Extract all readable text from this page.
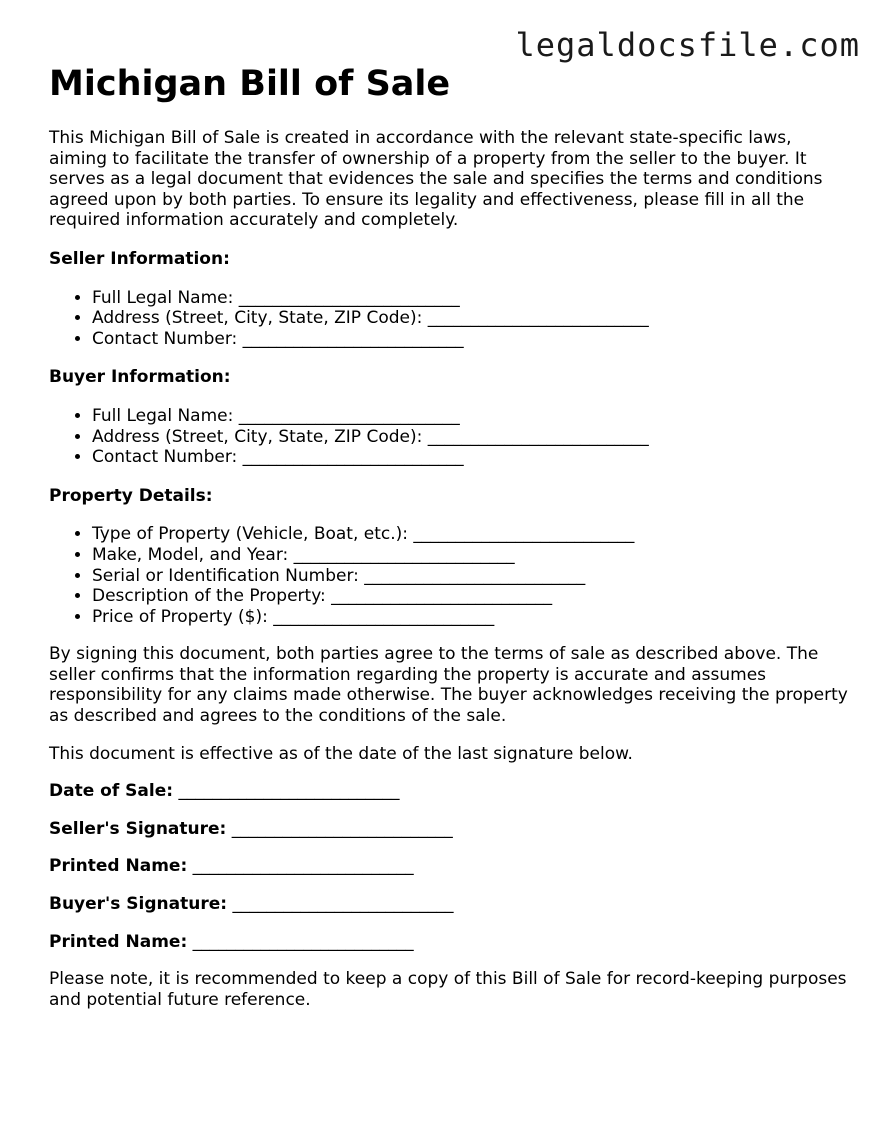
legaldocsfile.com
Michigan Bill of Sale

This Michigan Bill of Sale is created in accordance with the relevant state-specific laws, aiming to facilitate the transfer of ownership of a property from the seller to the buyer. It serves as a legal document that evidences the sale and specifies the terms and conditions agreed upon by both parties. To ensure its legality and effectiveness, please fill in all the required information accurately and completely.

Seller Information:
• Full Legal Name: __________________________
• Address (Street, City, State, ZIP Code): __________________________
• Contact Number: __________________________
Buyer Information:
• Full Legal Name: __________________________
• Address (Street, City, State, ZIP Code): __________________________
• Contact Number: __________________________
Property Details:
• Type of Property (Vehicle, Boat, etc.): __________________________
• Make, Model, and Year: __________________________
• Serial or Identification Number: __________________________
• Description of the Property: __________________________
• Price of Property ($): __________________________

By signing this document, both parties agree to the terms of sale as described above. The seller confirms that the information regarding the property is accurate and assumes responsibility for any claims made otherwise. The buyer acknowledges receiving the property as described and agrees to the conditions of the sale.

This document is effective as of the date of the last signature below.

Date of Sale: __________________________
Seller's Signature: __________________________
Printed Name: __________________________
Buyer's Signature: __________________________
Printed Name: __________________________

Please note, it is recommended to keep a copy of this Bill of Sale for record-keeping purposes and potential future reference.
